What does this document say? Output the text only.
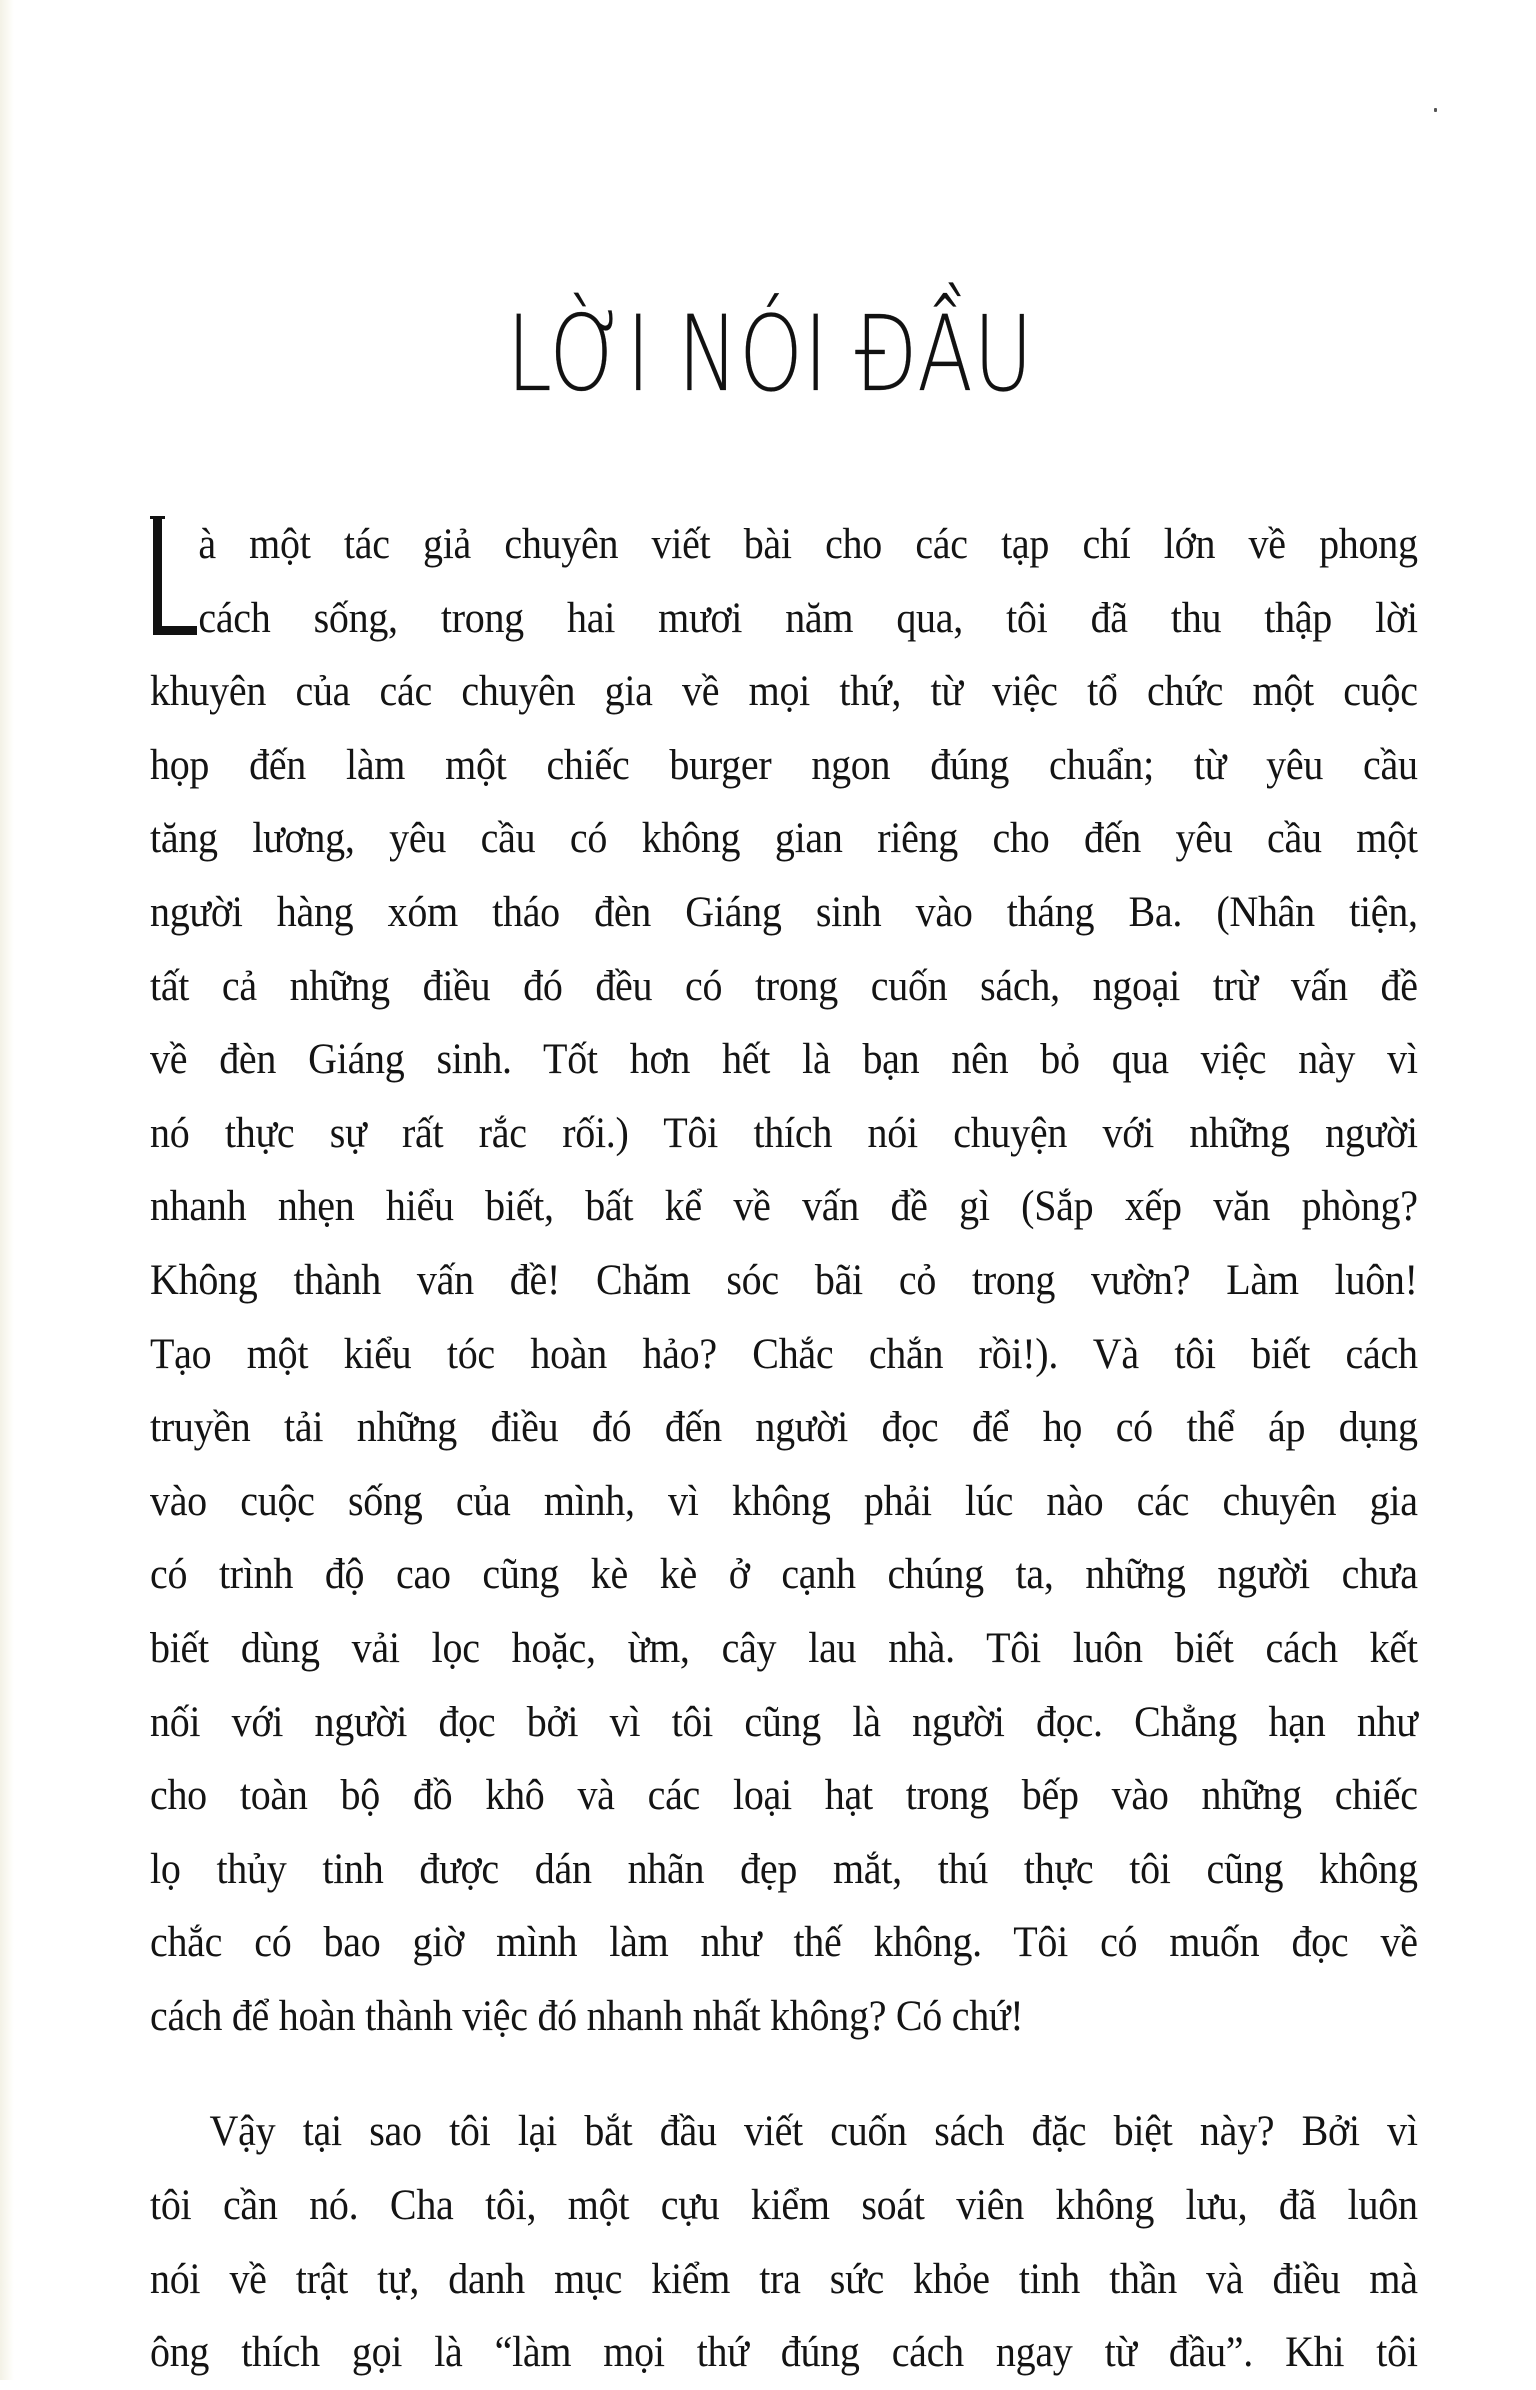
LỜI NÓI ĐẦU
à một tác giả chuyên viết bài cho các tạp chí lớn về phong
cách sống, trong hai mươi năm qua, tôi đã thu thập lời
khuyên của các chuyên gia về mọi thứ, từ việc tổ chức một cuộc
họp đến làm một chiếc burger ngon đúng chuẩn; từ yêu cầu
tăng lương, yêu cầu có không gian riêng cho đến yêu cầu một
người hàng xóm tháo đèn Giáng sinh vào tháng Ba. (Nhân tiện,
tất cả những điều đó đều có trong cuốn sách, ngoại trừ vấn đề
về đèn Giáng sinh. Tốt hơn hết là bạn nên bỏ qua việc này vì
nó thực sự rất rắc rối.) Tôi thích nói chuyện với những người
nhanh nhẹn hiểu biết, bất kể về vấn đề gì (Sắp xếp văn phòng?
Không thành vấn đề! Chăm sóc bãi cỏ trong vườn? Làm luôn!
Tạo một kiểu tóc hoàn hảo? Chắc chắn rồi!). Và tôi biết cách
truyền tải những điều đó đến người đọc để họ có thể áp dụng
vào cuộc sống của mình, vì không phải lúc nào các chuyên gia
có trình độ cao cũng kè kè ở cạnh chúng ta, những người chưa
biết dùng vải lọc hoặc, ừm, cây lau nhà. Tôi luôn biết cách kết
nối với người đọc bởi vì tôi cũng là người đọc. Chẳng hạn như
cho toàn bộ đồ khô và các loại hạt trong bếp vào những chiếc
lọ thủy tinh được dán nhãn đẹp mắt, thú thực tôi cũng không
chắc có bao giờ mình làm như thế không. Tôi có muốn đọc về
cách để hoàn thành việc đó nhanh nhất không? Có chứ!
Vậy tại sao tôi lại bắt đầu viết cuốn sách đặc biệt này? Bởi vì
tôi cần nó. Cha tôi, một cựu kiểm soát viên không lưu, đã luôn
nói về trật tự, danh mục kiểm tra sức khỏe tinh thần và điều mà
ông thích gọi là “làm mọi thứ đúng cách ngay từ đầu”. Khi tôi
